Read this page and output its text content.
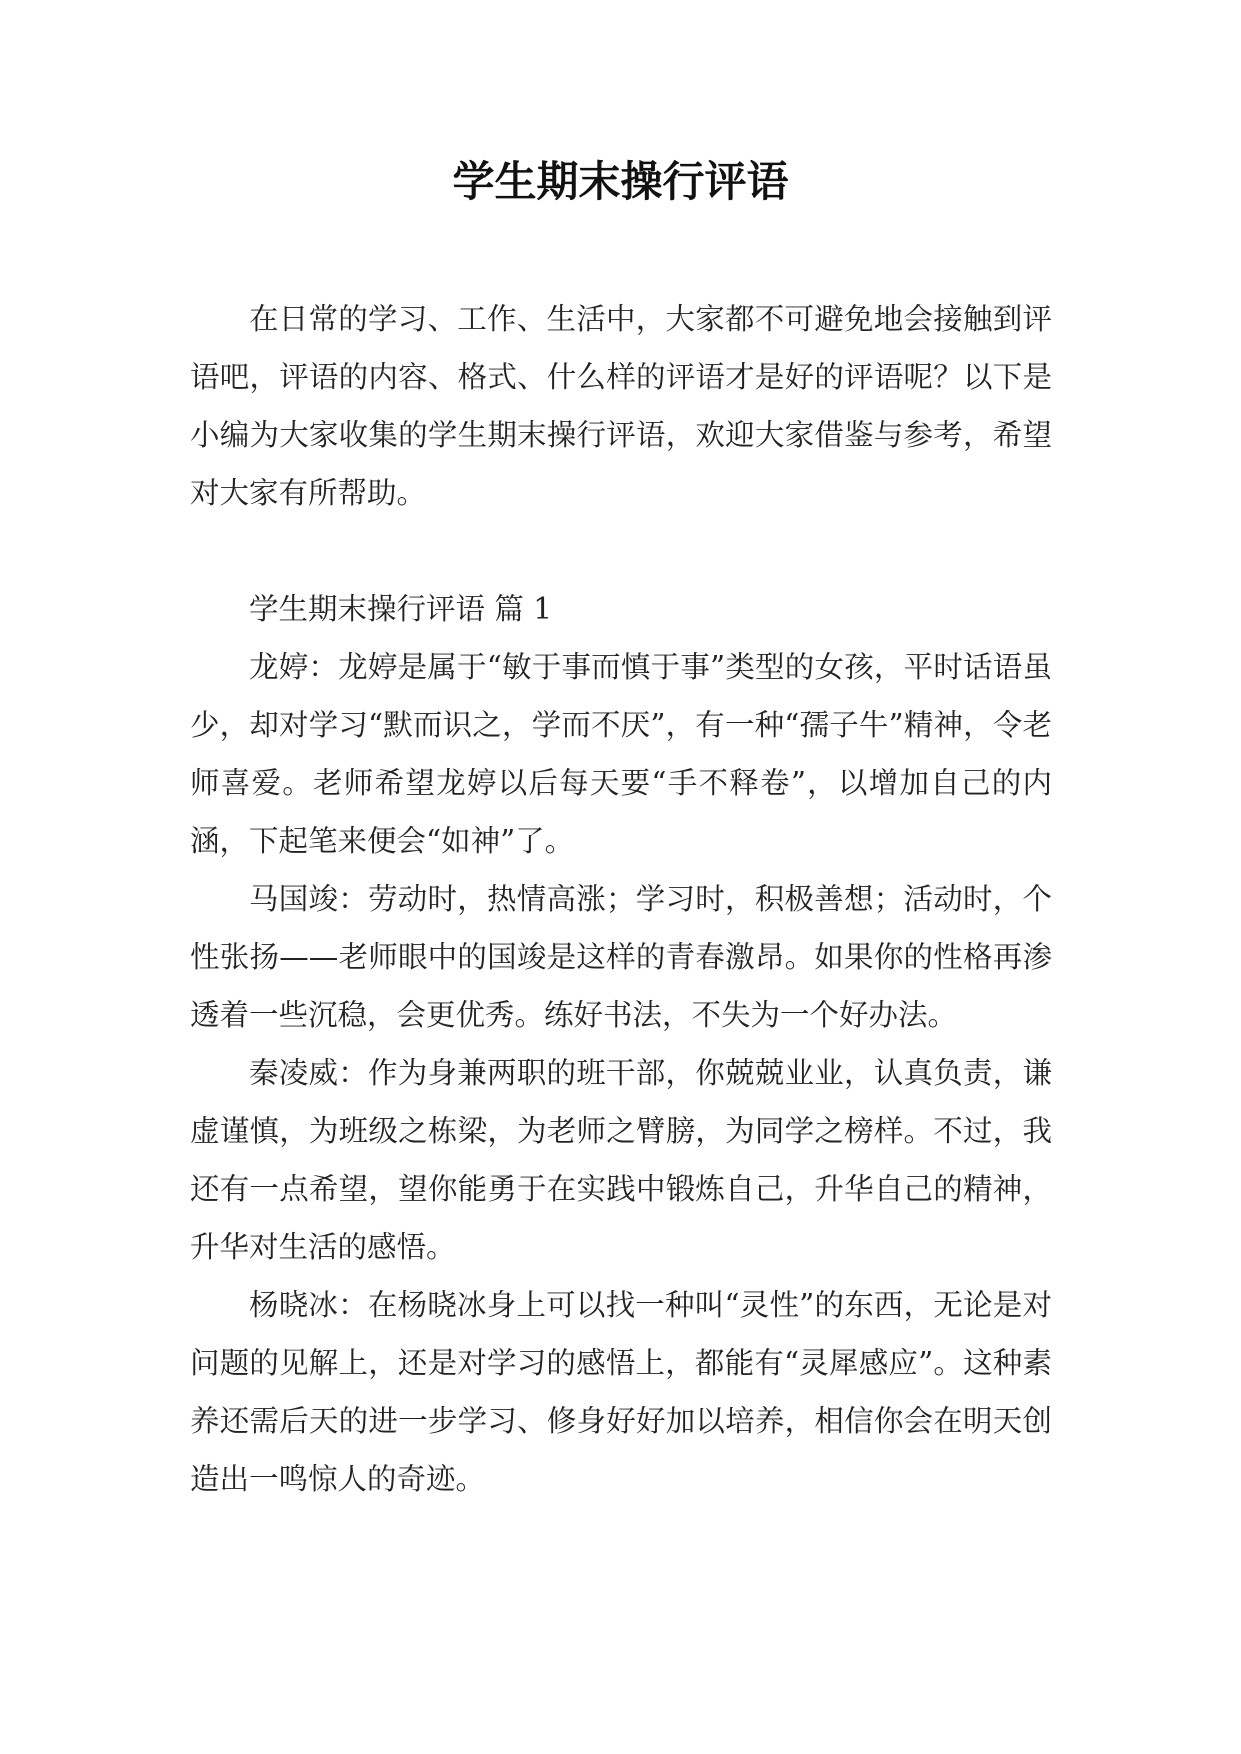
学生期末操行评语

在日常的学习、工作、生活中，大家都不可避免地会接触到评语吧，评语的内容、格式、什么样的评语才是好的评语呢？以下是小编为大家收集的学生期末操行评语，欢迎大家借鉴与参考，希望对大家有所帮助。

学生期末操行评语 篇 1

龙婷：龙婷是属于“敏于事而慎于事”类型的女孩，平时话语虽少，却对学习“默而识之，学而不厌”，有一种“孺子牛”精神，令老师喜爱。老师希望龙婷以后每天要“手不释卷”，以增加自己的内涵，下起笔来便会“如神”了。

马国竣：劳动时，热情高涨；学习时，积极善想；活动时，个性张扬——老师眼中的国竣是这样的青春激昂。如果你的性格再渗透着一些沉稳，会更优秀。练好书法，不失为一个好办法。

秦凌威：作为身兼两职的班干部，你兢兢业业，认真负责，谦虚谨慎，为班级之栋梁，为老师之臂膀，为同学之榜样。不过，我还有一点希望，望你能勇于在实践中锻炼自己，升华自己的精神，升华对生活的感悟。

杨晓冰：在杨晓冰身上可以找一种叫“灵性”的东西，无论是对问题的见解上，还是对学习的感悟上，都能有“灵犀感应”。这种素养还需后天的进一步学习、修身好好加以培养，相信你会在明天创造出一鸣惊人的奇迹。
